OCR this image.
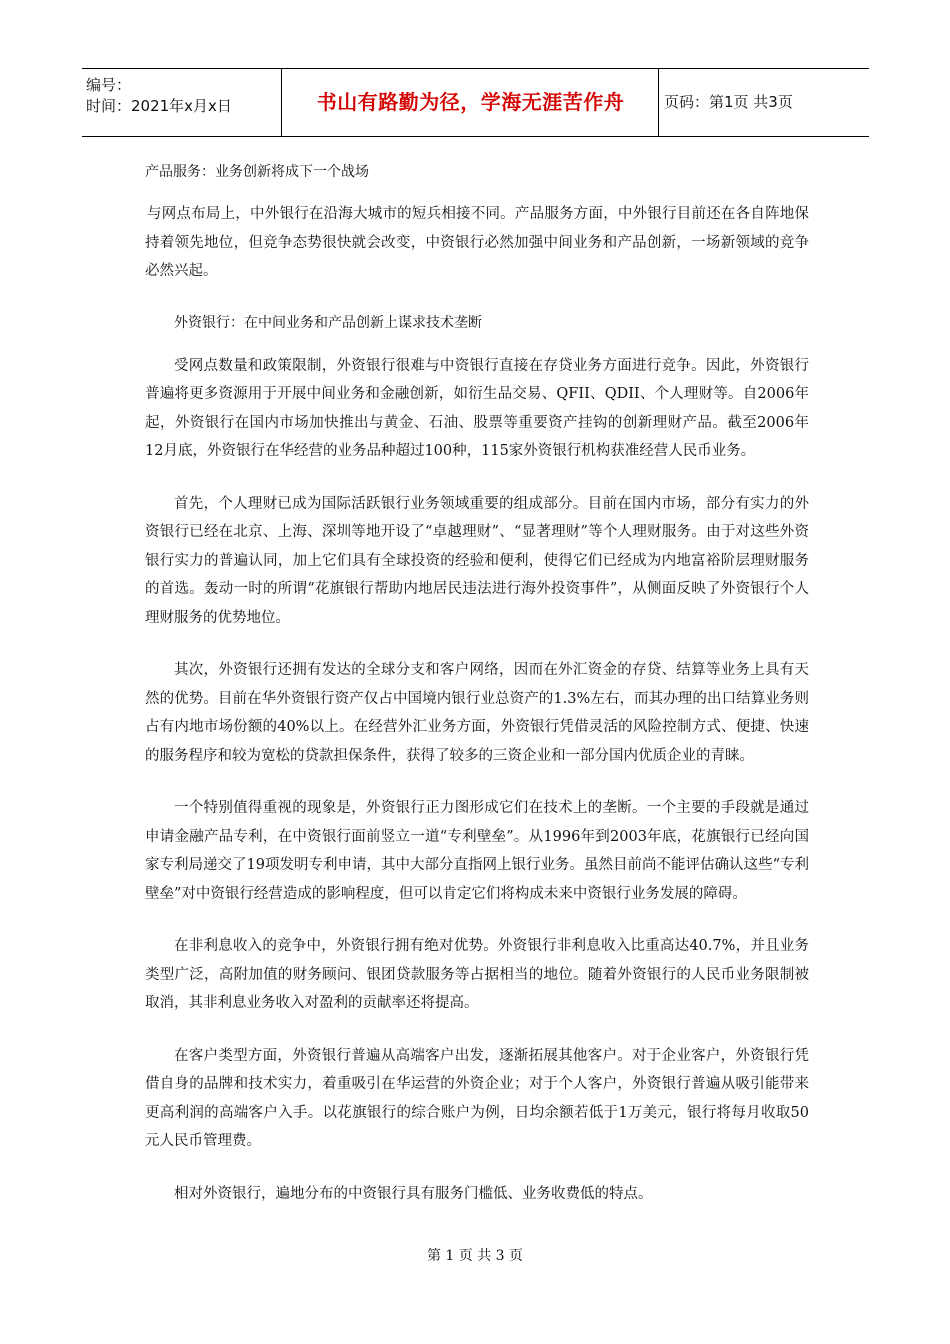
编号：
时间：2021年x月x日	书山有路勤为径，学海无涯苦作舟	页码：第1页 共3页

产品服务：业务创新将成下一个战场

与网点布局上，中外银行在沿海大城市的短兵相接不同。产品服务方面，中外银行目前还在各自阵地保持着领先地位，但竞争态势很快就会改变，中资银行必然加强中间业务和产品创新，一场新领域的竞争必然兴起。

外资银行：在中间业务和产品创新上谋求技术垄断

受网点数量和政策限制，外资银行很难与中资银行直接在存贷业务方面进行竞争。因此，外资银行普遍将更多资源用于开展中间业务和金融创新，如衍生品交易、QFII、QDII、个人理财等。自2006年起，外资银行在国内市场加快推出与黄金、石油、股票等重要资产挂钩的创新理财产品。截至2006年12月底，外资银行在华经营的业务品种超过100种，115家外资银行机构获准经营人民币业务。

首先，个人理财已成为国际活跃银行业务领域重要的组成部分。目前在国内市场，部分有实力的外资银行已经在北京、上海、深圳等地开设了“卓越理财”、“显著理财”等个人理财服务。由于对这些外资银行实力的普遍认同，加上它们具有全球投资的经验和便利，使得它们已经成为内地富裕阶层理财服务的首选。轰动一时的所谓“花旗银行帮助内地居民违法进行海外投资事件”，从侧面反映了外资银行个人理财服务的优势地位。

其次，外资银行还拥有发达的全球分支和客户网络，因而在外汇资金的存贷、结算等业务上具有天然的优势。目前在华外资银行资产仅占中国境内银行业总资产的1.3%左右，而其办理的出口结算业务则占有内地市场份额的40%以上。在经营外汇业务方面，外资银行凭借灵活的风险控制方式、便捷、快速的服务程序和较为宽松的贷款担保条件，获得了较多的三资企业和一部分国内优质企业的青睐。

一个特别值得重视的现象是，外资银行正力图形成它们在技术上的垄断。一个主要的手段就是通过申请金融产品专利，在中资银行面前竖立一道“专利壁垒”。从1996年到2003年底，花旗银行已经向国家专利局递交了19项发明专利申请，其中大部分直指网上银行业务。虽然目前尚不能评估确认这些“专利壁垒”对中资银行经营造成的影响程度，但可以肯定它们将构成未来中资银行业务发展的障碍。

在非利息收入的竞争中，外资银行拥有绝对优势。外资银行非利息收入比重高达40.7%，并且业务类型广泛，高附加值的财务顾问、银团贷款服务等占据相当的地位。随着外资银行的人民币业务限制被取消，其非利息业务收入对盈利的贡献率还将提高。

在客户类型方面，外资银行普遍从高端客户出发，逐渐拓展其他客户。对于企业客户，外资银行凭借自身的品牌和技术实力，着重吸引在华运营的外资企业；对于个人客户，外资银行普遍从吸引能带来更高利润的高端客户入手。以花旗银行的综合账户为例，日均余额若低于1万美元，银行将每月收取50元人民币管理费。

相对外资银行，遍地分布的中资银行具有服务门槛低、业务收费低的特点。

第 1 页 共 3 页
